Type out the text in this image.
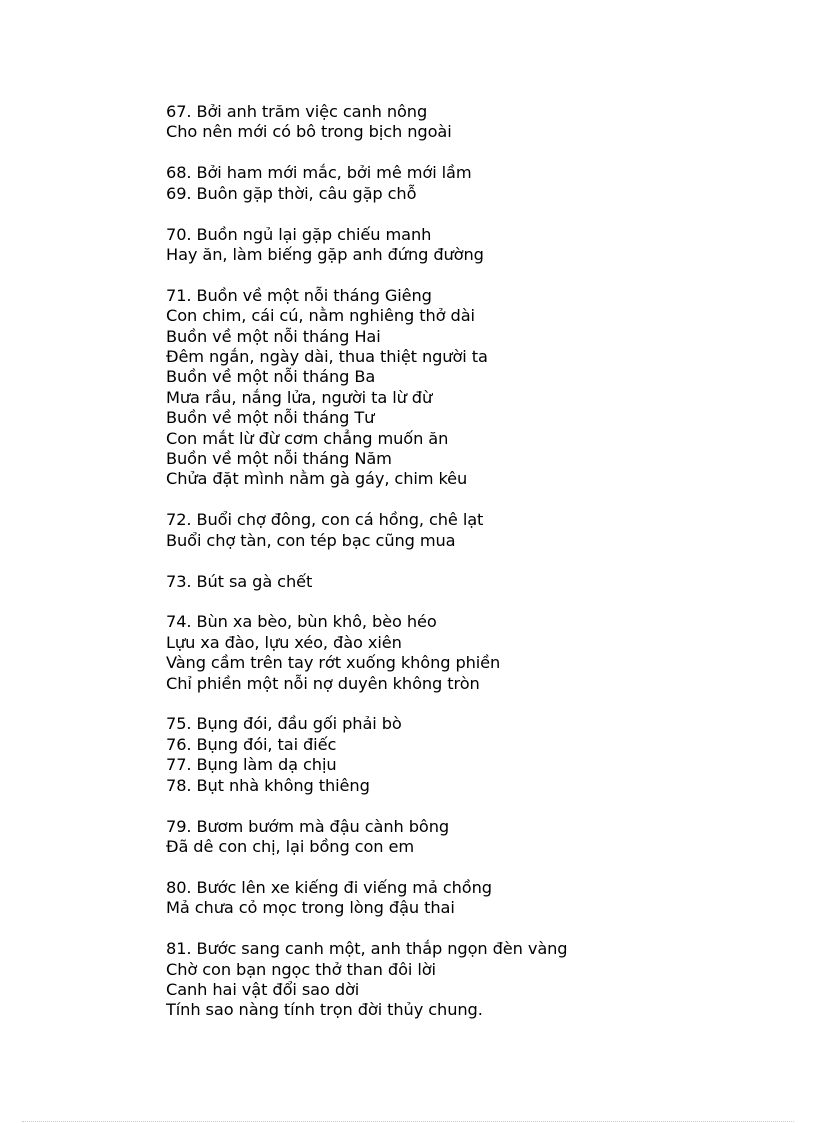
67. Bởi anh trăm việc canh nông
Cho nên mới có bô trong bịch ngoài
68. Bởi ham mới mắc, bởi mê mới lầm
69. Buôn gặp thời, câu gặp chỗ
70. Buồn ngủ lại gặp chiếu manh
Hay ăn, làm biếng gặp anh đứng đường
71. Buồn về một nỗi tháng Giêng
Con chim, cái cú, nằm nghiêng thở dài
Buồn về một nỗi tháng Hai
Đêm ngắn, ngày dài, thua thiệt người ta
Buồn về một nỗi tháng Ba
Mưa rầu, nắng lửa, người ta lừ đừ
Buồn về một nỗi tháng Tư
Con mắt lừ đừ cơm chẳng muốn ăn
Buồn về một nỗi tháng Năm
Chửa đặt mình nằm gà gáy, chim kêu
72. Buổi chợ đông, con cá hồng, chê lạt
Buổi chợ tàn, con tép bạc cũng mua
73. Bút sa gà chết
74. Bùn xa bèo, bùn khô, bèo héo
Lựu xa đào, lựu xéo, đào xiên
Vàng cầm trên tay rớt xuống không phiền
Chỉ phiền một nỗi nợ duyên không tròn
75. Bụng đói, đầu gối phải bò
76. Bụng đói, tai điếc
77. Bụng làm dạ chịu
78. Bụt nhà không thiêng
79. Bươm bướm mà đậu cành bông
Đã dê con chị, lại bồng con em
80. Bước lên xe kiếng đi viếng mả chồng
Mả chưa cỏ mọc trong lòng đậu thai
81. Bước sang canh một, anh thắp ngọn đèn vàng
Chờ con bạn ngọc thở than đôi lời
Canh hai vật đổi sao dời
Tính sao nàng tính trọn đời thủy chung.
